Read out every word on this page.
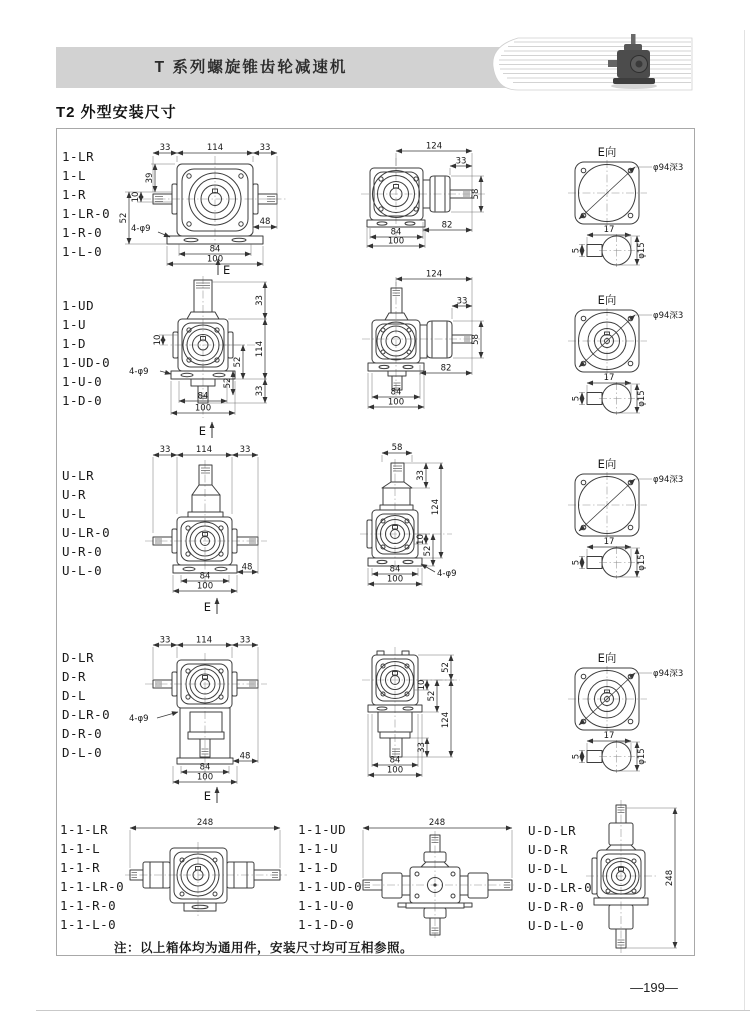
T 系列螺旋锥齿轮减速机
T2 外型安装尺寸
1-LR
1-L
1-R
1-LR-0
1-R-0
1-L-0
1-UD
1-U
1-D
1-UD-0
1-U-0
1-D-0
U-LR
U-R
U-L
U-LR-0
U-R-0
U-L-0
D-LR
D-R
D-L
D-LR-0
D-R-0
D-L-0
1-1-LR
1-1-L
1-1-R
1-1-LR-0
1-1-R-0
1-1-L-0
1-1-UD
1-1-U
1-1-D
1-1-UD-0
1-1-U-0
1-1-D-0
U-D-LR
U-D-R
U-D-L
U-D-LR-0
U-D-R-0
U-D-L-0
33	114	33
39
10
52	48
84
100
4-φ9
E
124
33
58
82
84
100
E向
φ94深3
17
5	φ15
33
114
33
52
52
10
4-φ9
84
100
E
124
33
58
82
84
100
E向
φ94深3
17
5	φ15
33	114	33
48
84
100
E
58
33
124
10
52
4-φ9
84
100
E向
φ94深3
17
5	φ15
33	114	33
4-φ9
48
84
100
E
52
10
52
124
33
84
100
E向
φ94深3
17
5	φ15
248	248
248
注：以上箱体均为通用件，安装尺寸均可互相参照。
—199—
